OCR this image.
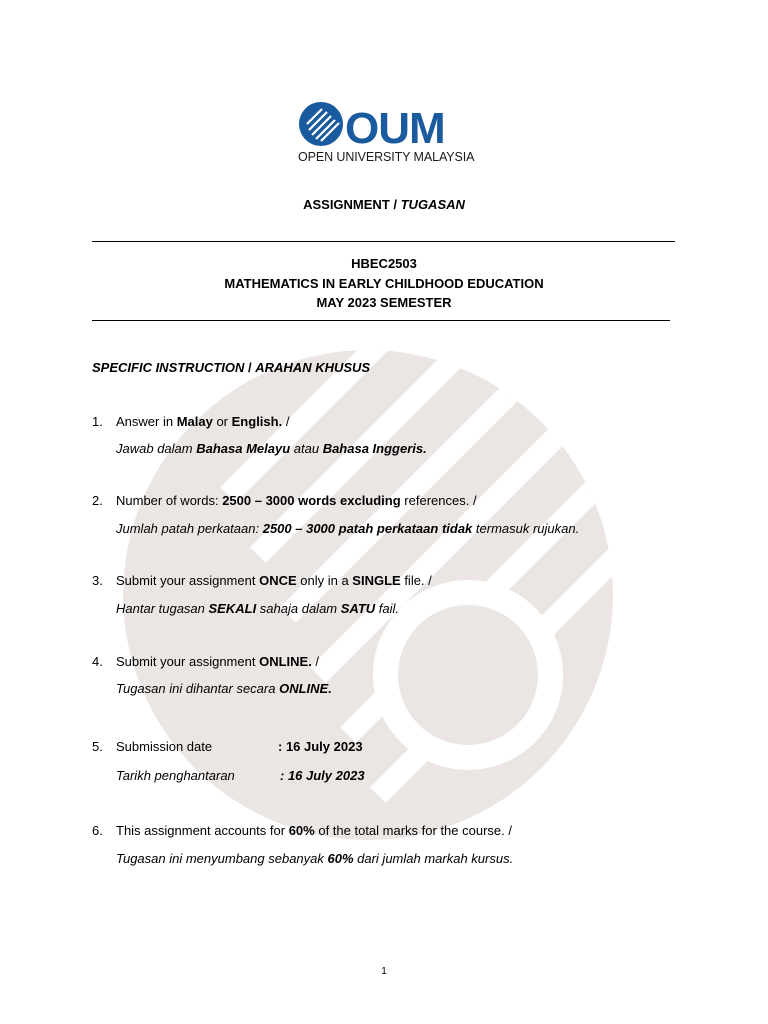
OUM
OPEN UNIVERSITY MALAYSIA
ASSIGNMENT / TUGASAN
HBEC2503
MATHEMATICS IN EARLY CHILDHOOD EDUCATION
MAY 2023 SEMESTER
SPECIFIC INSTRUCTION / ARAHAN KHUSUS
1. Answer in Malay or English. /
Jawab dalam Bahasa Melayu atau Bahasa Inggeris.
2. Number of words: 2500 – 3000 words excluding references. /
Jumlah patah perkataan: 2500 – 3000 patah perkataan tidak termasuk rujukan.
3. Submit your assignment ONCE only in a SINGLE file. /
Hantar tugasan SEKALI sahaja dalam SATU fail.
4. Submit your assignment ONLINE. /
Tugasan ini dihantar secara ONLINE.
5. Submission date	: 16 July 2023
Tarikh penghantaran	: 16 July 2023
6. This assignment accounts for 60% of the total marks for the course. /
Tugasan ini menyumbang sebanyak 60% dari jumlah markah kursus.
1
